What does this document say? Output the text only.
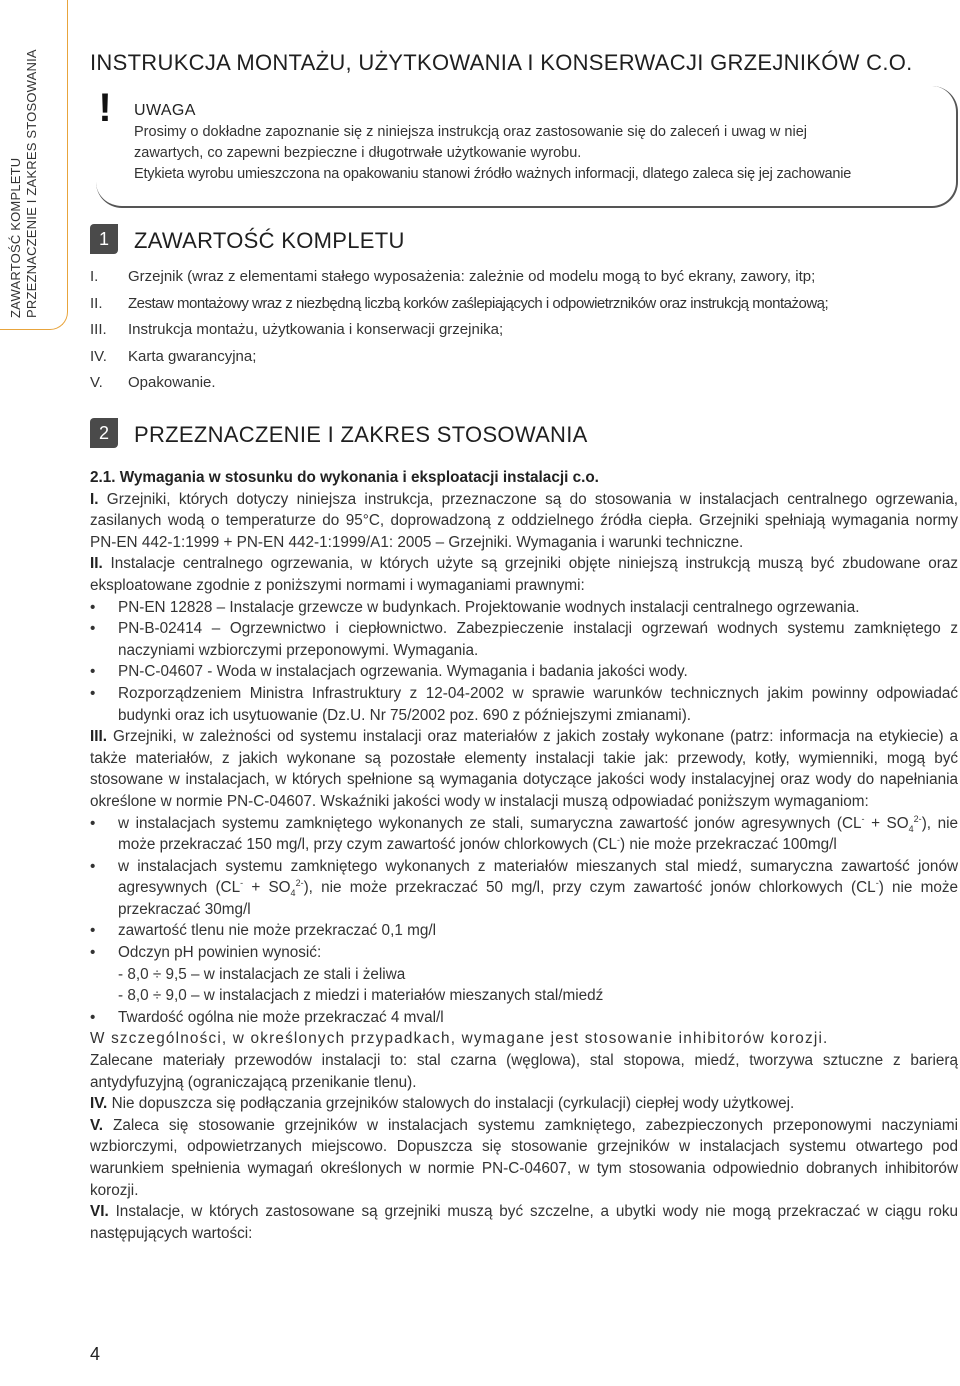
ZAWARTOŚĆ KOMPLETU PRZEZNACZENIE I ZAKRES STOSOWANIA INSTRUKCJA MONTAŻU, UŻYTKOWANIA I KONSERWACJI GRZEJNIKÓW C.O.
!	UWAGA

Prosimy o dokładne zapoznanie się z niniejsza instrukcją oraz zastosowanie się do zaleceń i uwag w niej

zawartych, co zapewni bezpieczne i długotrwałe użytkowanie wyrobu.

Etykieta wyrobu umieszczona na opakowaniu stanowi źródło ważnych informacji, dlatego zaleca się jej zachowanie

1	ZAWARTOŚĆ KOMPLETU
I.	Grzejnik (wraz z elementami stałego wyposażenia: zależnie od modelu mogą to być ekrany, zawory, itp;
II.	Zestaw montażowy wraz z niezbędną liczbą korków zaślepiających i odpowietrzników oraz instrukcją montażową;
III.	Instrukcja montażu, użytkowania i konserwacji grzejnika;
IV.	Karta gwarancyjna;
V.	Opakowanie.
2	PRZEZNACZENIE I ZAKRES STOSOWANIA

2.1. Wymagania w stosunku do wykonania i eksploatacji instalacji c.o.

I. Grzejniki, których dotyczy niniejsza instrukcja, przeznaczone są do stosowania w instalacjach centralnego ogrzewania, zasilanych wodą o temperaturze do 95°C, doprowadzoną z oddzielnego źródła ciepła. Grzejniki spełniają wymagania normy PN-EN 442-1:1999 + PN-EN 442-1:1999/A1: 2005 – Grzejniki. Wymagania i warunki techniczne.

II. Instalacje centralnego ogrzewania, w których użyte są grzejniki objęte niniejszą instrukcją muszą być zbudowane oraz eksploatowane zgodnie z poniższymi normami i wymaganiami prawnymi:

• PN-EN 12828 – Instalacje grzewcze w budynkach. Projektowanie wodnych instalacji centralnego ogrzewania.

• PN-B-02414 – Ogrzewnictwo i ciepłownictwo. Zabezpieczenie instalacji ogrzewań wodnych systemu zamkniętego z naczyniami wzbiorczymi przeponowymi. Wymagania.

• PN-C-04607 - Woda w instalacjach ogrzewania. Wymagania i badania jakości wody.

• Rozporządzeniem Ministra Infrastruktury z 12-04-2002 w sprawie warunków technicznych jakim powinny odpowiadać budynki oraz ich usytuowanie (Dz.U. Nr 75/2002 poz. 690 z późniejszymi zmianami).

III. Grzejniki, w zależności od systemu instalacji oraz materiałów z jakich zostały wykonane (patrz: informacja na etykiecie) a także materiałów, z jakich wykonane są pozostałe elementy instalacji takie jak: przewody, kotły, wymienniki, mogą być stosowane w instalacjach, w których spełnione są wymagania dotyczące jakości wody instalacyjnej oraz wody do napełniania określone w normie PN-C-04607. Wskaźniki jakości wody w instalacji muszą odpowiadać poniższym wymaganiom:

• w instalacjach systemu zamkniętego wykonanych ze stali, sumaryczna zawartość jonów agresywnych $(CL^- + SO_4^{2-})$, nie może przekraczać 150 mg/l, przy czym zawartość jonów chlorkowych (CL-) nie może przekraczać 100mg/l

• w instalacjach systemu zamkniętego wykonanych z materiałów mieszanych stal miedź, sumaryczna zawartość jonów agresywnych $(CL^- + SO_4^{2-})$, nie może przekraczać 50 mg/l, przy czym zawartość jonów chlorkowych (CL-) nie może przekraczać 30mg/l

• zawartość tlenu nie może przekraczać 0,1 mg/l

• Odczyn pH powinien wynosić:

- 8,0 ÷ 9,5 – w instalacjach ze stali i żeliwa

- 8,0 ÷ 9,0 – w instalacjach z miedzi i materiałów mieszanych stal/miedź

• Twardość ogólna nie może przekraczać 4 mval/l

W szczególności, w określonych przypadkach, wymagane jest stosowanie inhibitorów korozji.

Zalecane materiały przewodów instalacji to: stal czarna (węglowa), stal stopowa, miedź, tworzywa sztuczne z barierą antydyfuzyjną (ograniczającą przenikanie tlenu).

IV. Nie dopuszcza się podłączania grzejników stalowych do instalacji (cyrkulacji) ciepłej wody użytkowej.

V. Zaleca się stosowanie grzejników w instalacjach systemu zamkniętego, zabezpieczonych przeponowymi naczyniami wzbiorczymi, odpowietrzanych miejscowo. Dopuszcza się stosowanie grzejników w instalacjach systemu otwartego pod warunkiem spełnienia wymagań określonych w normie PN-C-04607, w tym stosowania odpowiednio dobranych inhibitorów korozji.

VI. Instalacje, w których zastosowane są grzejniki muszą być szczelne, a ubytki wody nie mogą przekraczać w ciągu roku następujących wartości:

4
